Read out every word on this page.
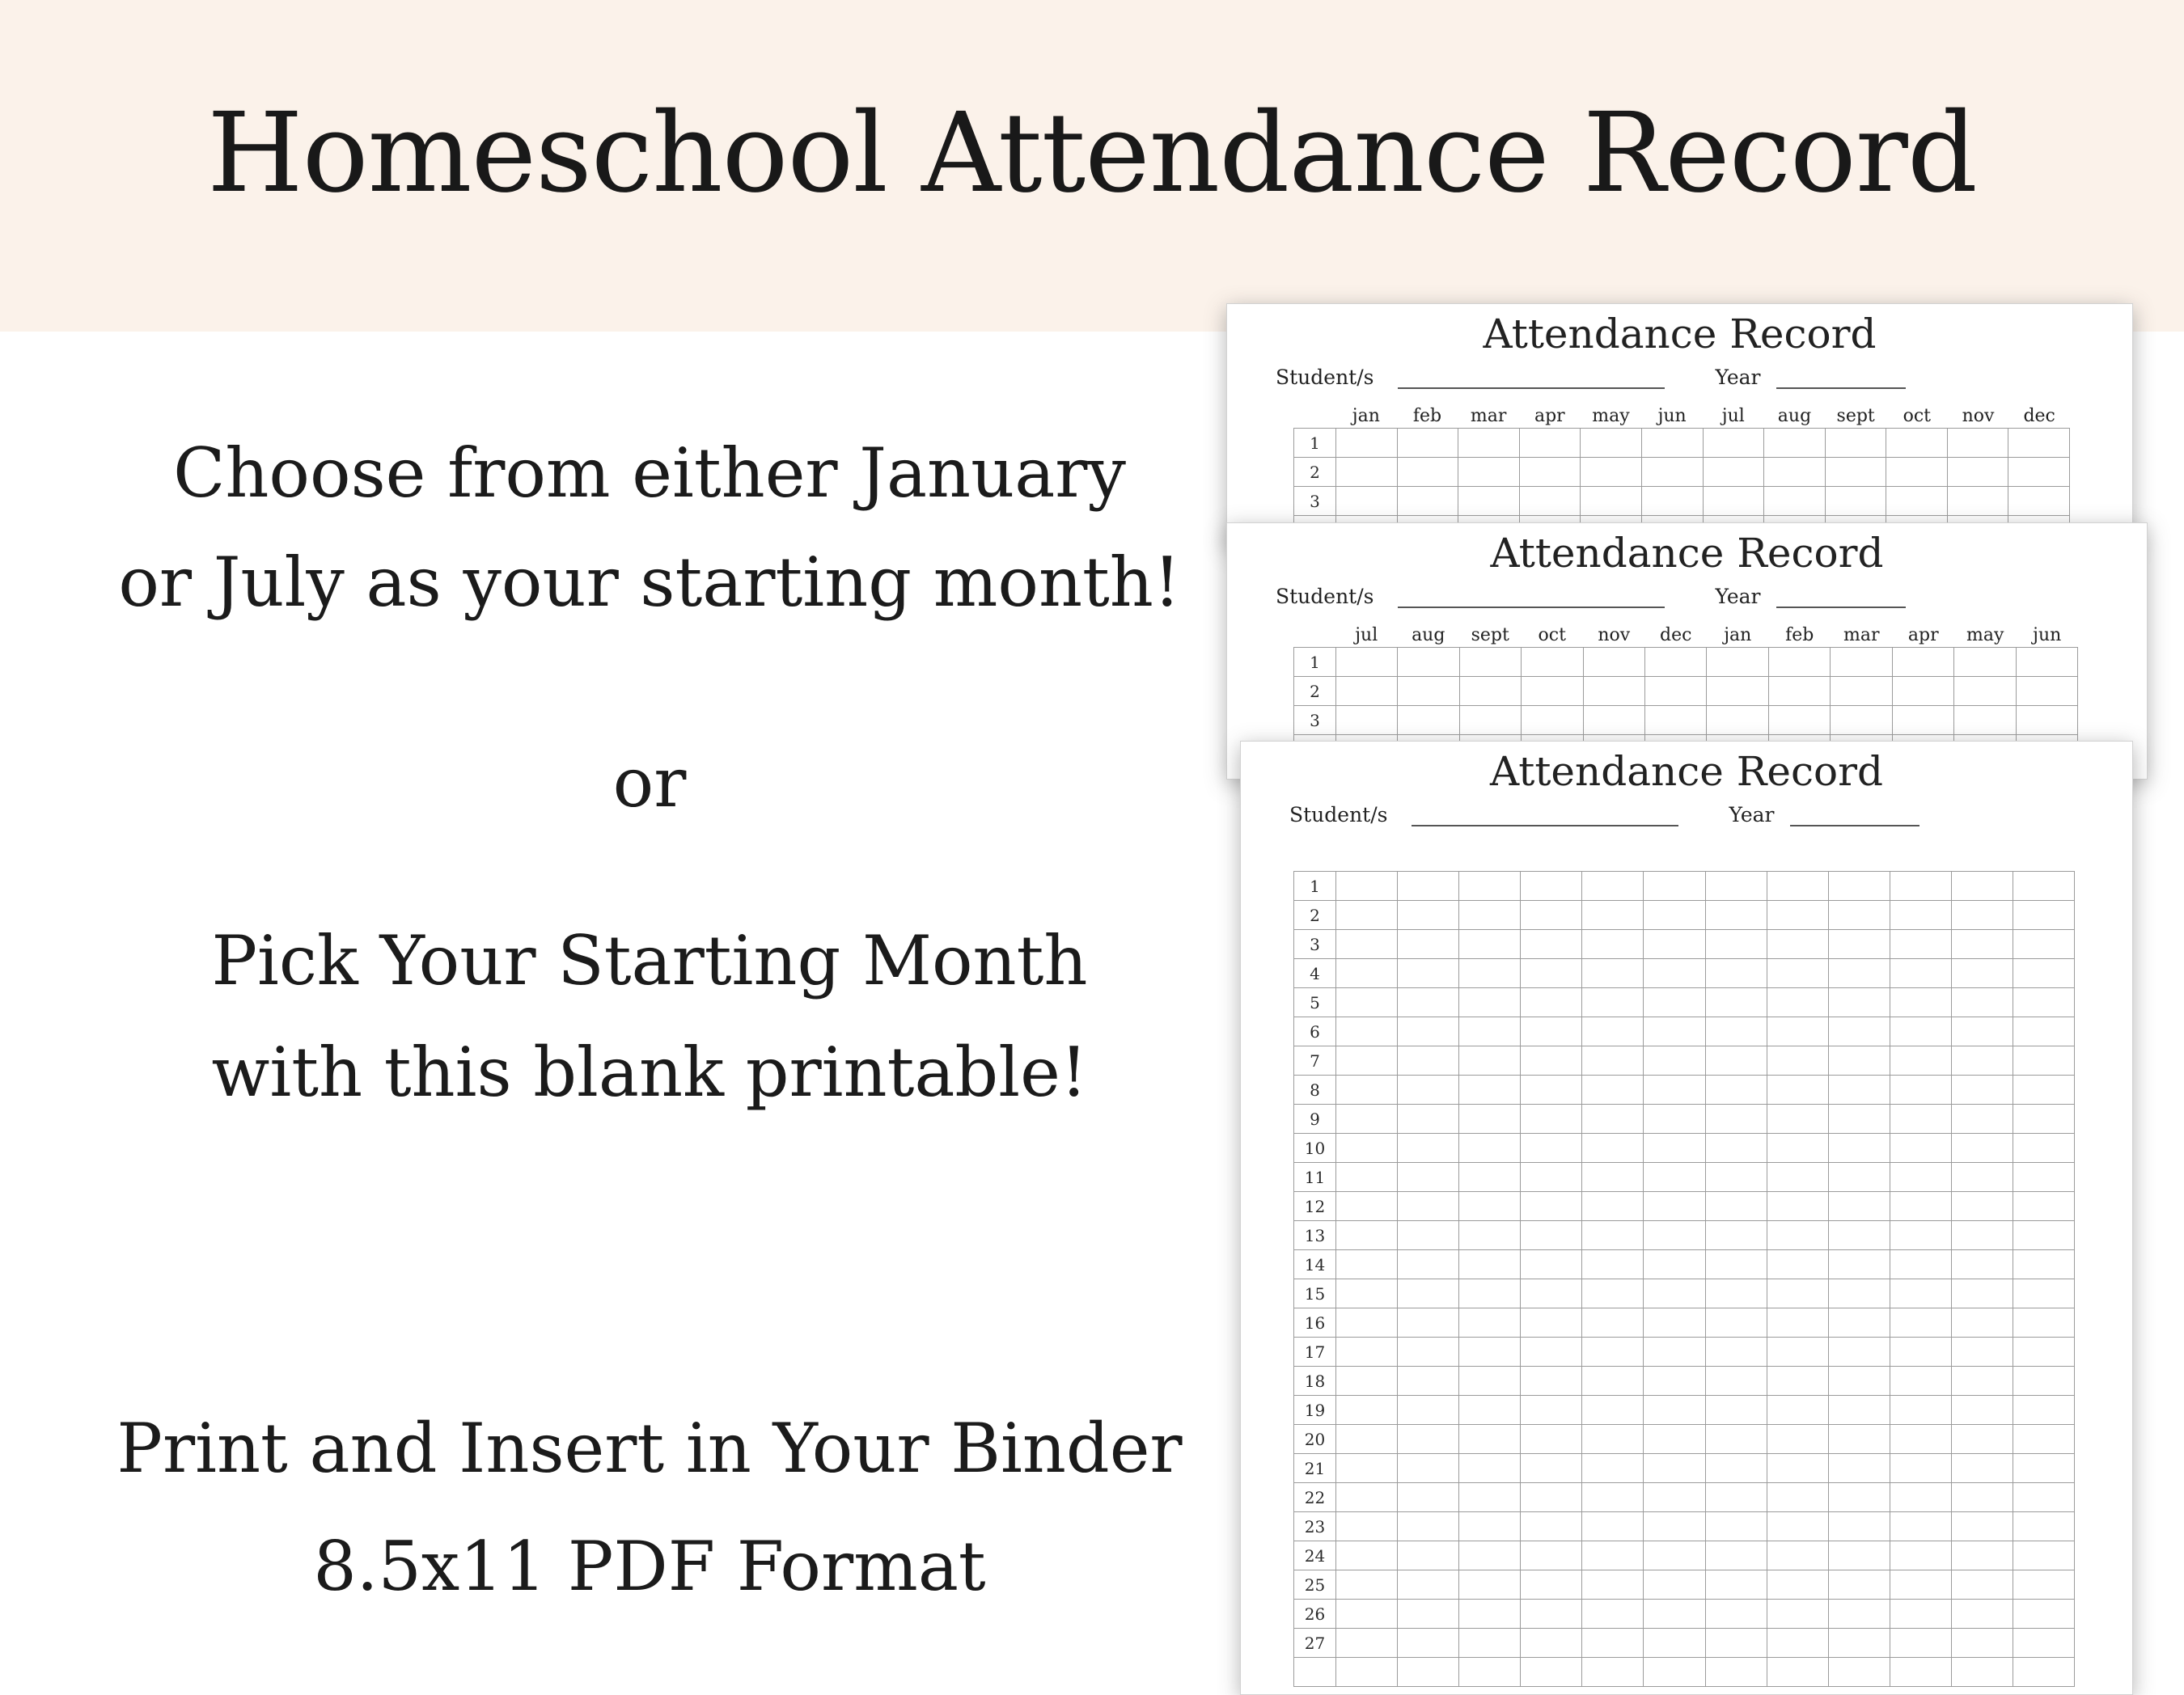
Homeschool Attendance Record

Choose from either January
or July as your starting month!

or

Pick Your Starting Month
with this blank printable!

Print and Insert in Your Binder
8.5x11 PDF Format

Attendance Record
Student/s	Year
jan	feb	mar	apr	may	jun	jul	aug	sept	oct	nov	dec
1
2
3
Attendance Record
Student/s	Year
jul	aug	sept	oct	nov	dec	jan	feb	mar	apr	may	jun
1
2
3
Attendance Record
Student/s	Year
1
2
3
4
5
6
7
8
9
10
11
12
13
14
15
16
17
18
19
20
21
22
23
24
25
26
27
